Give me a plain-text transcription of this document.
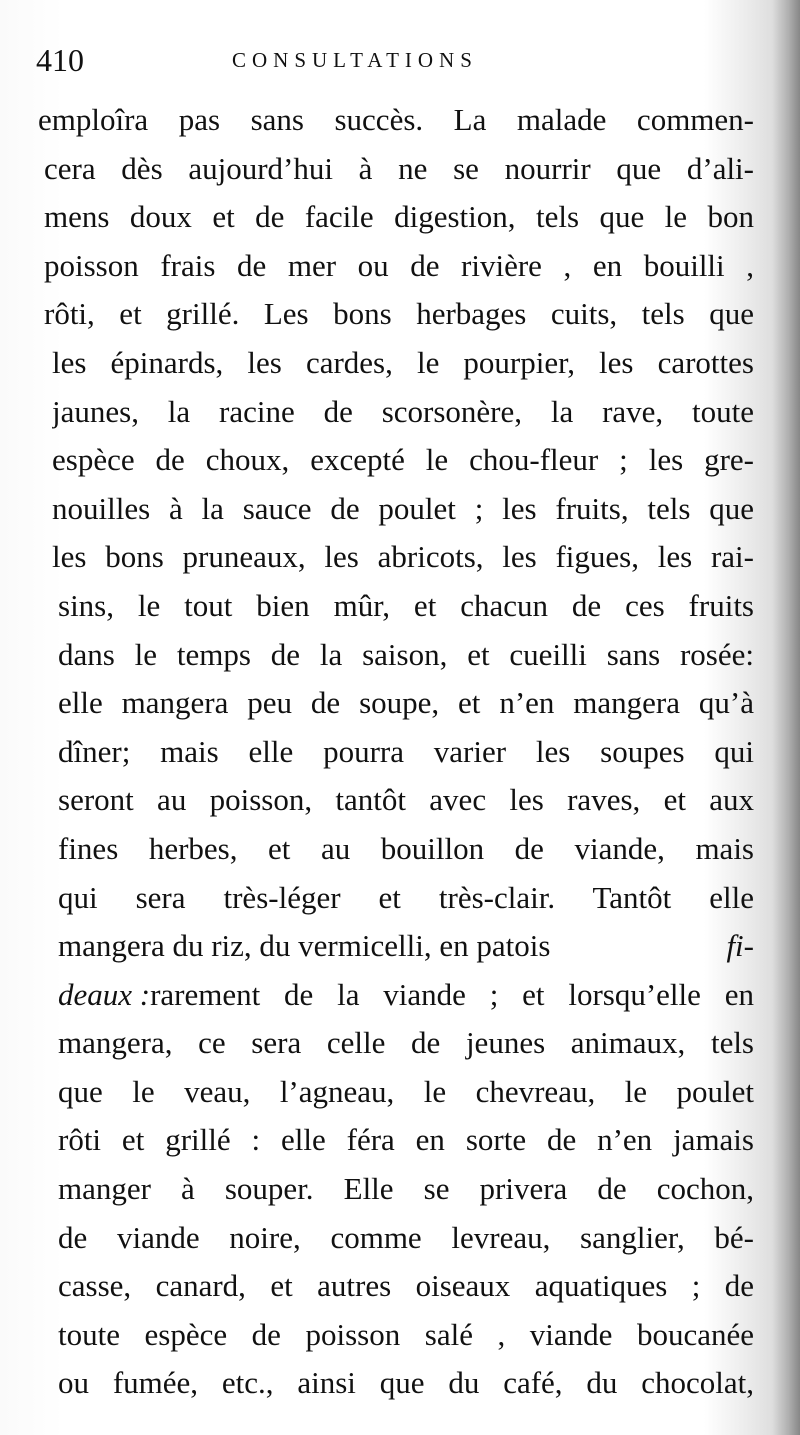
410	CONSULTATIONS
emploîra pas sans succès. La malade commen-
cera dès aujourd’hui à ne se nourrir que d’ali-
mens doux et de facile digestion, tels que le bon
poisson frais de mer ou de rivière , en bouilli ,
rôti, et grillé. Les bons herbages cuits, tels que
les épinards, les cardes, le pourpier, les carottes
jaunes, la racine de scorsonère, la rave, toute
espèce de choux, excepté le chou-fleur ; les gre-
nouilles à la sauce de poulet ; les fruits, tels que
les bons pruneaux, les abricots, les figues, les rai-
sins, le tout bien mûr, et chacun de ces fruits
dans le temps de la saison, et cueilli sans rosée:
elle mangera peu de soupe, et n’en mangera qu’à
dîner; mais elle pourra varier les soupes qui
seront au poisson, tantôt avec les raves, et aux
fines herbes, et au bouillon de viande, mais
qui sera très-léger et très-clair. Tantôt elle
mangera du riz, du vermicelli, en patois	fi-
deaux : rarement de la viande ; et lorsqu’elle en
mangera, ce sera celle de jeunes animaux, tels
que le veau, l’agneau, le chevreau, le poulet
rôti et grillé : elle féra en sorte de n’en jamais
manger à souper. Elle se privera de cochon,
de viande noire, comme levreau, sanglier, bé-
casse, canard, et autres oiseaux aquatiques ; de
toute espèce de poisson salé , viande boucanée
ou fumée, etc., ainsi que du café, du chocolat,
